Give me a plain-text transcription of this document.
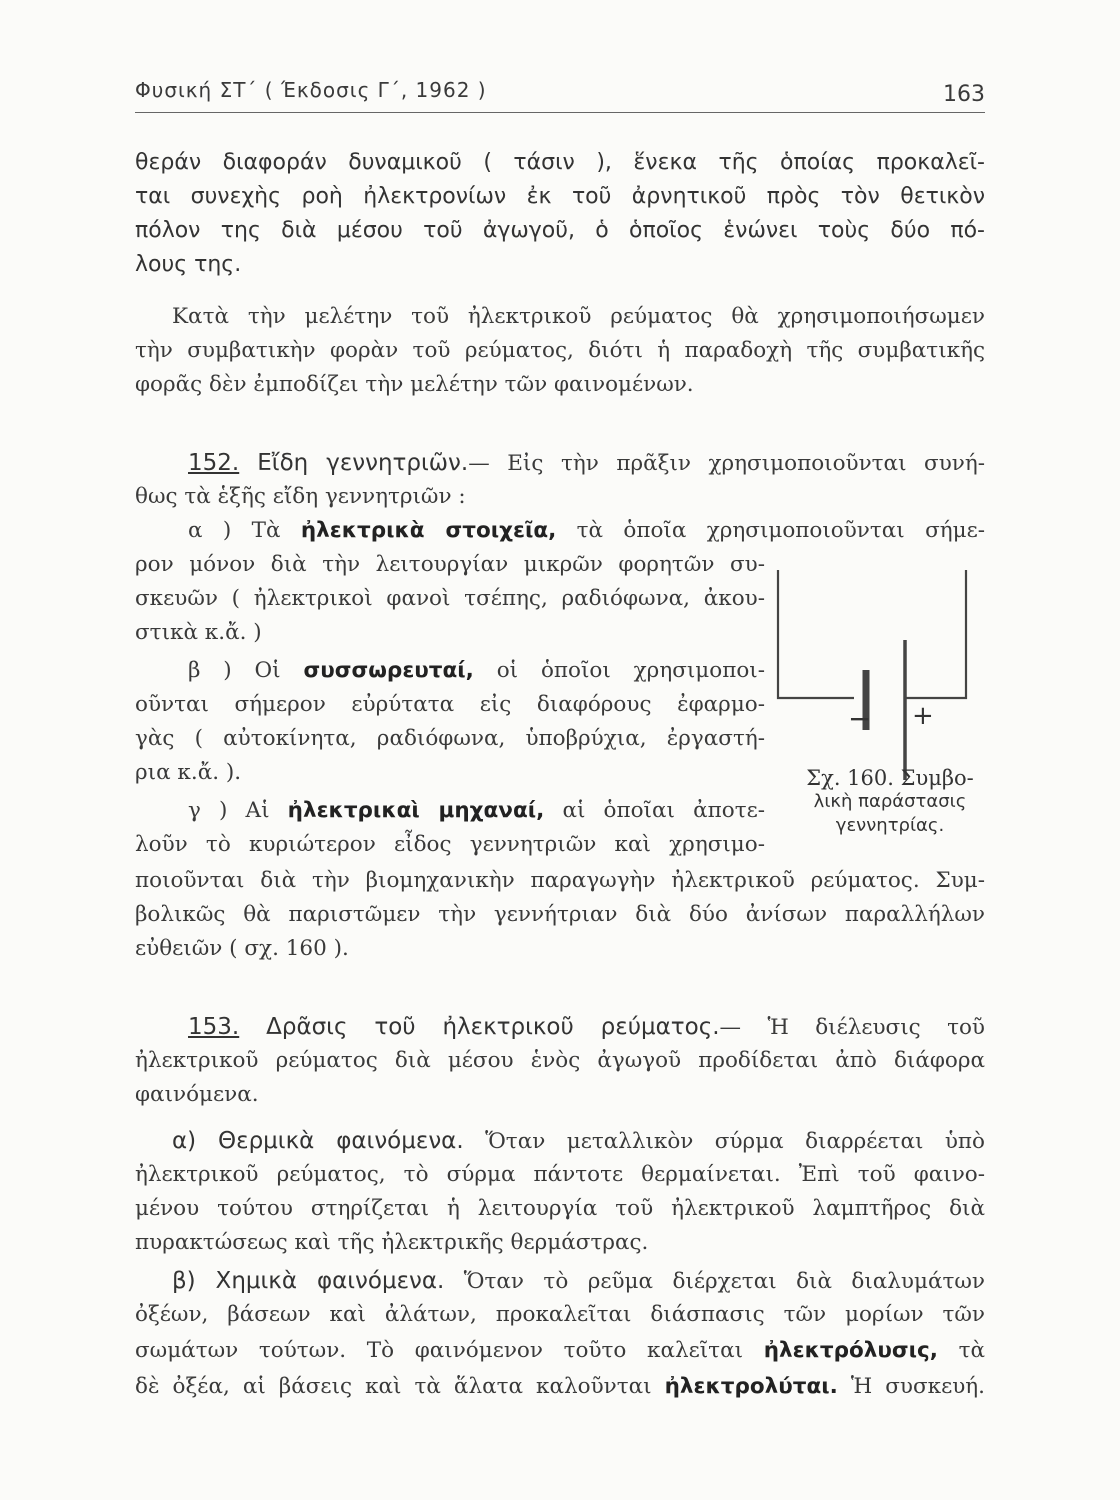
Φυσική ΣΤ΄ ( Έκδοσις Γ΄, 1962 )	163
θεράν διαφοράν δυναμικοῦ ( τάσιν ), ἕνεκα τῆς ὁποίας προκαλεῖ-
ται συνεχὴς ροὴ ἠλεκτρονίων ἐκ τοῦ ἀρνητικοῦ πρὸς τὸν θετικὸν
πόλον της διὰ μέσου τοῦ ἀγωγοῦ, ὁ ὁποῖος ἑνώνει τοὺς δύο πό-
λους της.
Κατὰ τὴν μελέτην τοῦ ἠλεκτρικοῦ ρεύματος θὰ χρησιμοποιήσωμεν
τὴν συμβατικὴν φορὰν τοῦ ρεύματος, διότι ἡ παραδοχὴ τῆς συμβατικῆς
φορᾶς δὲν ἐμποδίζει τὴν μελέτην τῶν φαινομένων.
152. Εἴδη γεννητριῶν.— Εἰς τὴν πρᾶξιν χρησιμοποιοῦνται συνή-
θως τὰ ἑξῆς εἴδη γεννητριῶν :
α ) Τὰ ἠλεκτρικὰ στοιχεῖα, τὰ ὁποῖα χρησιμοποιοῦνται σήμε-
ρον μόνον διὰ τὴν λειτουργίαν μικρῶν φορητῶν συ-
σκευῶν ( ἠλεκτρικοὶ φανοὶ τσέπης, ραδιόφωνα, ἀκου-
στικὰ κ.ἄ. )
β ) Οἱ συσσωρευταί, οἱ ὁποῖοι χρησιμοποι-
οῦνται σήμερον εὐρύτατα εἰς διαφόρους ἐφαρμο-
γὰς ( αὐτοκίνητα, ραδιόφωνα, ὑποβρύχια, ἐργαστή-
ρια κ.ἄ. ).
γ ) Αἱ ἠλεκτρικαὶ μηχαναί, αἱ ὁποῖαι ἀποτε-
λοῦν τὸ κυριώτερον εἶδος γεννητριῶν καὶ χρησιμο-
ποιοῦνται διὰ τὴν βιομηχανικὴν παραγωγὴν ἠλεκτρικοῦ ρεύματος. Συμ-
βολικῶς θὰ παριστῶμεν τὴν γεννήτριαν διὰ δύο ἀνίσων παραλλήλων
εὐθειῶν ( σχ. 160 ).
− +
Σχ. 160. Συμβο-
λικὴ παράστασις
γεννητρίας.
153. Δρᾶσις τοῦ ἠλεκτρικοῦ ρεύματος.— Ἡ διέλευσις τοῦ
ἠλεκτρικοῦ ρεύματος διὰ μέσου ἑνὸς ἀγωγοῦ προδίδεται ἀπὸ διάφορα
φαινόμενα.
α) Θερμικὰ φαινόμενα. Ὅταν μεταλλικὸν σύρμα διαρρέεται ὑπὸ
ἠλεκτρικοῦ ρεύματος, τὸ σύρμα πάντοτε θερμαίνεται. Ἐπὶ τοῦ φαινο-
μένου τούτου στηρίζεται ἡ λειτουργία τοῦ ἠλεκτρικοῦ λαμπτῆρος διὰ
πυρακτώσεως καὶ τῆς ἠλεκτρικῆς θερμάστρας.
β) Χημικὰ φαινόμενα. Ὅταν τὸ ρεῦμα διέρχεται διὰ διαλυμάτων
ὀξέων, βάσεων καὶ ἀλάτων, προκαλεῖται διάσπασις τῶν μορίων τῶν
σωμάτων τούτων. Τὸ φαινόμενον τοῦτο καλεῖται ἠλεκτρόλυσις, τὰ
δὲ ὀξέα, αἱ βάσεις καὶ τὰ ἅλατα καλοῦνται ἠλεκτρολύται. Ἡ συσκευή.
